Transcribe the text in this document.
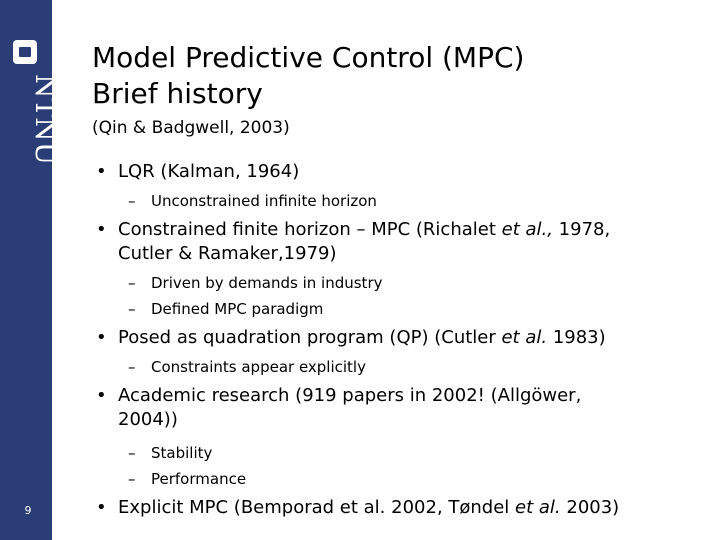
NTNU
9
Model Predictive Control (MPC)
Brief history
(Qin & Badgwell, 2003)
• LQR (Kalman, 1964)
– Unconstrained infinite horizon
• Constrained finite horizon – MPC (Richalet et al., 1978,
Cutler & Ramaker,1979)
– Driven by demands in industry
– Defined MPC paradigm
• Posed as quadration program (QP) (Cutler et al. 1983)
– Constraints appear explicitly
• Academic research (919 papers in 2002! (Allgöwer,
2004))
– Stability
– Performance
• Explicit MPC (Bemporad et al. 2002, Tøndel et al. 2003)
